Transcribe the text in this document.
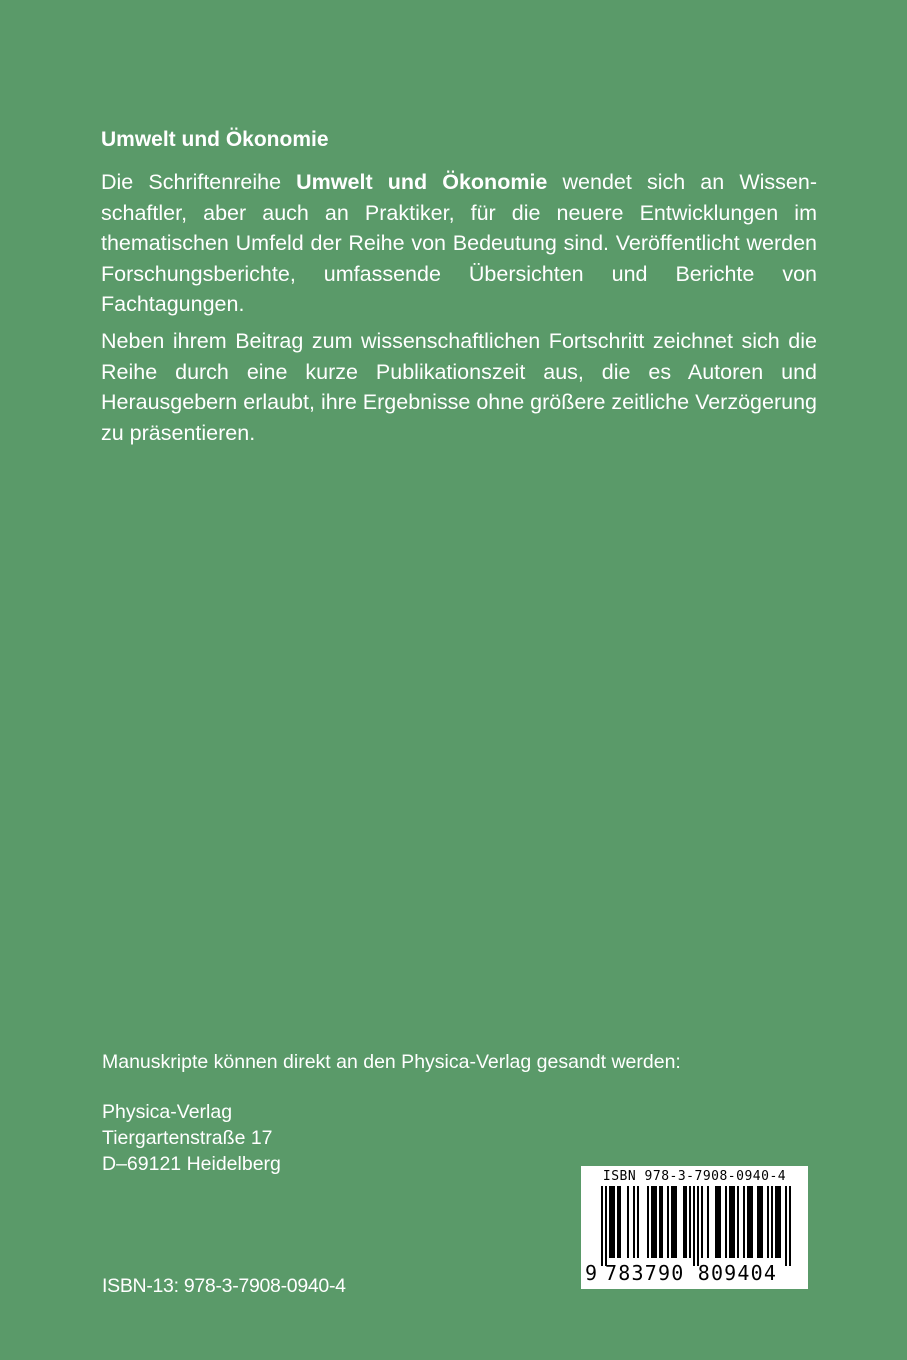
Umwelt und Ökonomie

Die Schriftenreihe Umwelt und Ökonomie wendet sich an Wissenschaftler, aber auch an Praktiker, für die neuere Entwicklungen im thematischen Umfeld der Reihe von Bedeutung sind. Veröffentlicht werden Forschungsberichte, umfassende Übersichten und Berichte von Fachtagungen.

Neben ihrem Beitrag zum wissenschaftlichen Fortschritt zeichnet sich die Reihe durch eine kurze Publikationszeit aus, die es Autoren und Herausgebern erlaubt, ihre Ergebnisse ohne größere zeitliche Verzögerung zu präsentieren.

Manuskripte können direkt an den Physica-Verlag gesandt werden:

Physica-Verlag
Tiergartenstraße 17
D–69121 Heidelberg

ISBN-13: 978-3-7908-0940-4

ISBN 978-3-7908-0940-4
9 783790 809404
